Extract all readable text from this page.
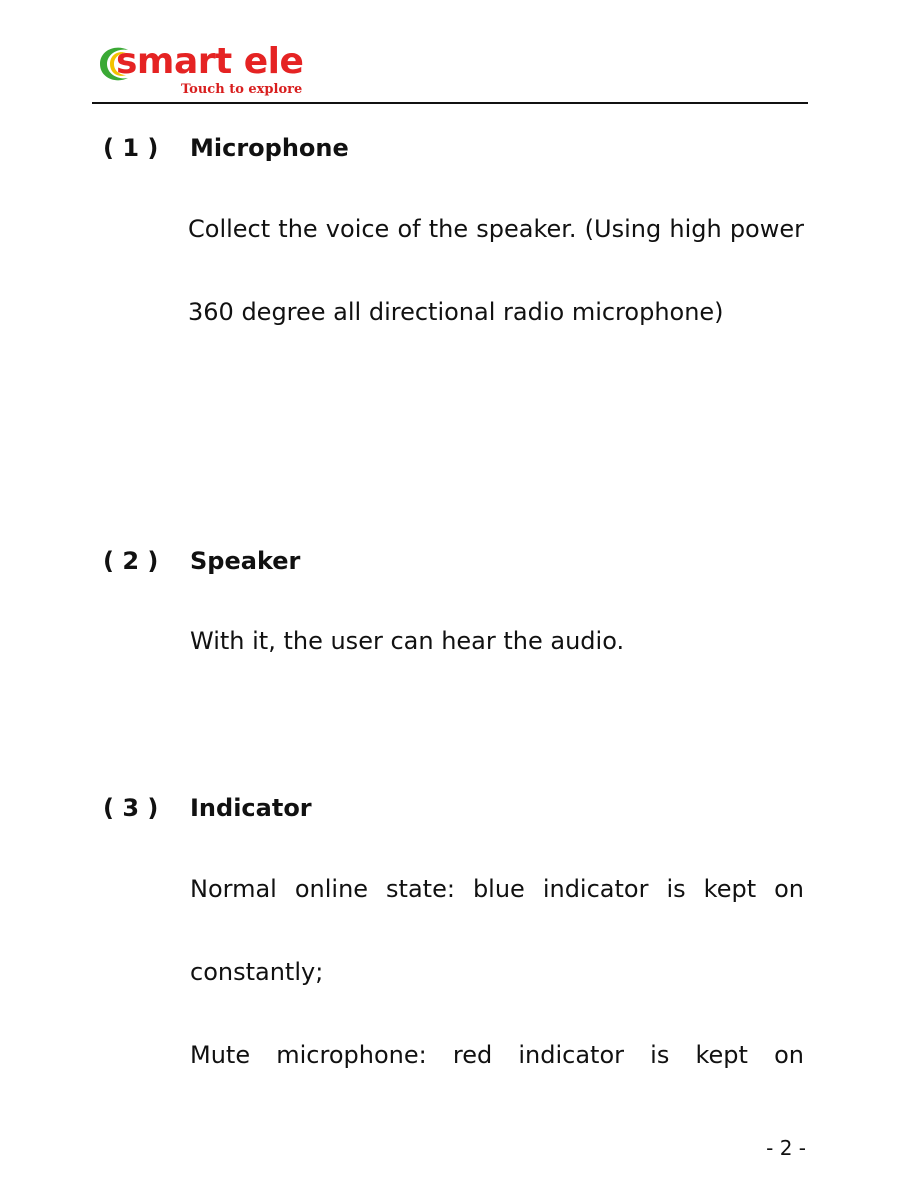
smart ele
Touch to explore
( 1 ) Microphone
Collect the voice of the speaker. (Using high power 360 degree all directional radio microphone)
( 2 ) Speaker
With it, the user can hear the audio.
( 3 ) Indicator
Normal online state: blue indicator is kept on constantly;
Mute microphone: red indicator is kept on
- 2 -
